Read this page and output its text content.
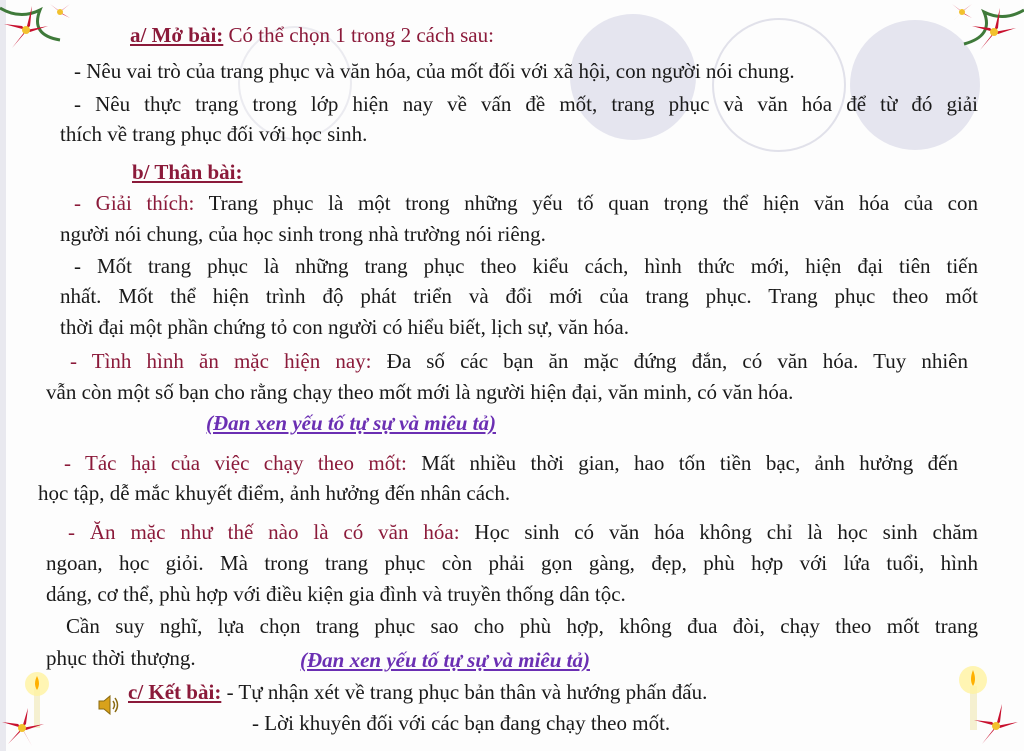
a/ Mở bài: Có thể chọn 1 trong 2 cách sau:
- Nêu vai trò của trang phục và văn hóa, của mốt đối với xã hội, con người nói chung.
- Nêu thực trạng trong lớp hiện nay về vấn đề mốt, trang phục và văn hóa để từ đó giải
thích về trang phục đối với học sinh.
b/ Thân bài:
- Giải thích: Trang phục là một trong những yếu tố quan trọng thể hiện văn hóa của con
người nói chung, của học sinh trong nhà trường nói riêng.
- Mốt trang phục là những trang phục theo kiểu cách, hình thức mới, hiện đại tiên tiến
nhất. Mốt thể hiện trình độ phát triển và đổi mới của trang phục. Trang phục theo mốt
thời đại một phần chứng tỏ con người có hiểu biết, lịch sự, văn hóa.
- Tình hình ăn mặc hiện nay: Đa số các bạn ăn mặc đứng đắn, có văn hóa. Tuy nhiên
vẫn còn một số bạn cho rằng chạy theo mốt mới là người hiện đại, văn minh, có văn hóa.
(Đan xen yếu tố tự sự và miêu tả)
- Tác hại của việc chạy theo mốt: Mất nhiều thời gian, hao tốn tiền bạc, ảnh hưởng đến
học tập, dễ mắc khuyết điểm, ảnh hưởng đến nhân cách.
- Ăn mặc như thế nào là có văn hóa: Học sinh có văn hóa không chỉ là học sinh chăm
ngoan, học giỏi. Mà trong trang phục còn phải gọn gàng, đẹp, phù hợp với lứa tuổi, hình
dáng, cơ thể, phù hợp với điều kiện gia đình và truyền thống dân tộc.
Cần suy nghĩ, lựa chọn trang phục sao cho phù hợp, không đua đòi, chạy theo mốt trang
phục thời thượng.	(Đan xen yếu tố tự sự và miêu tả)
c/ Kết bài: - Tự nhận xét về trang phục bản thân và hướng phấn đấu.
- Lời khuyên đối với các bạn đang chạy theo mốt.
